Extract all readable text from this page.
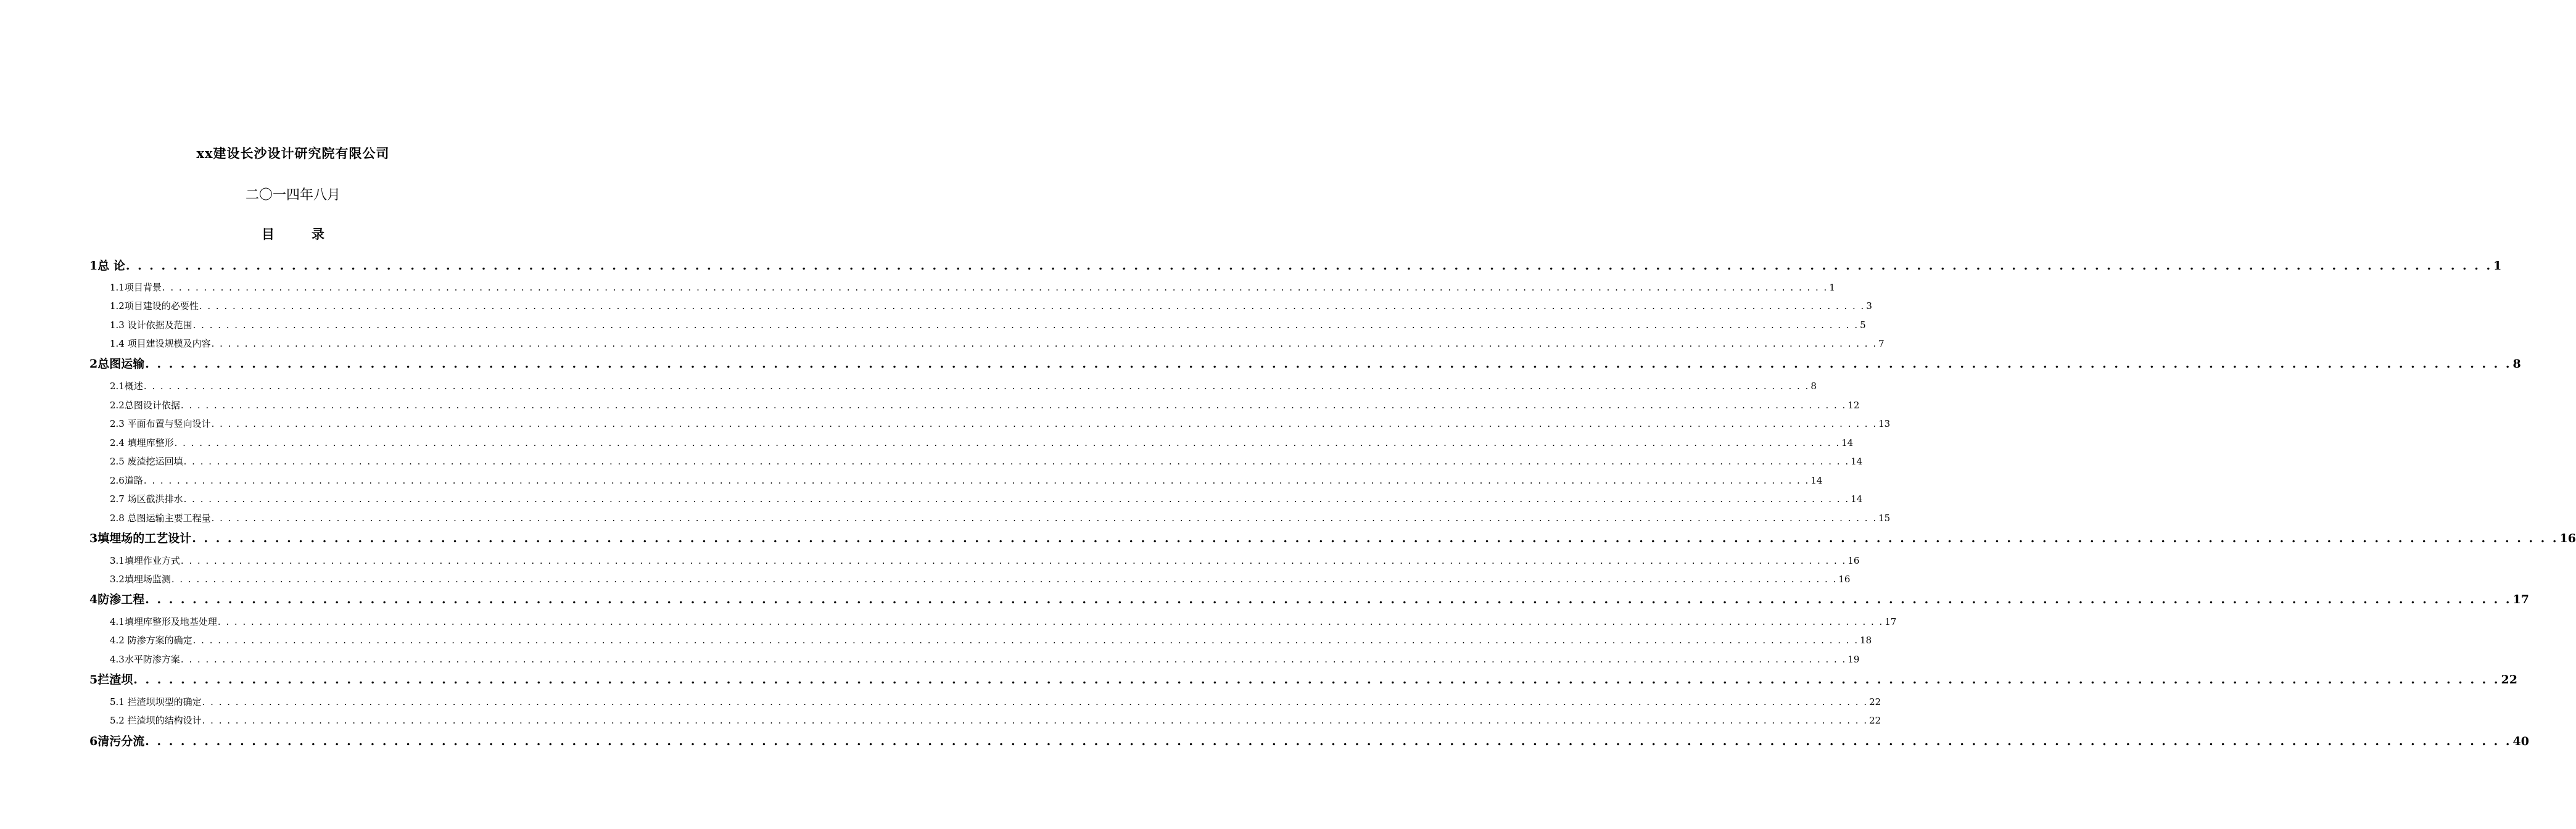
xx建设长沙设计研究院有限公司
二〇一四年八月
目	录
1总 论 . . . . . . . . . . . . . . . . . . . . . . . . . . . . . . . . . . . . . . . . . . . . . . . . . . . . . . . . . . . . . . . . . . . . . . . . . . . . . . . . . . . . . . . . . . . . . . . . . . . . . . . . . . . . . . . . . . . . . . . . . . . . . . . . . . . . . . . . . . . . . . . . . . . . . . . . . . . . . . . . . . . . . . . . . . . . . . . . . . . . . . . . . . . . . . . . . . . . . . . . 1
1.1项目背景 . . . . . . . . . . . . . . . . . . . . . . . . . . . . . . . . . . . . . . . . . . . . . . . . . . . . . . . . . . . . . . . . . . . . . . . . . . . . . . . . . . . . . . . . . . . . . . . . . . . . . . . . . . . . . . . . . . . . . . . . . . . . . . . . . . . . . . . . . . . . . . . . . . . . . . . . . . . . . . . . . . . . . . . . . . . . . . . . . . . . . . . . . . . . . . . . . . . . . . . . 1
1.2项目建设的必要性 . . . . . . . . . . . . . . . . . . . . . . . . . . . . . . . . . . . . . . . . . . . . . . . . . . . . . . . . . . . . . . . . . . . . . . . . . . . . . . . . . . . . . . . . . . . . . . . . . . . . . . . . . . . . . . . . . . . . . . . . . . . . . . . . . . . . . . . . . . . . . . . . . . . . . . . . . . . . . . . . . . . . . . . . . . . . . . . . . . . . . . . . . . . . . . . . . . . . . . . . 3
1.3 设计依据及范围 . . . . . . . . . . . . . . . . . . . . . . . . . . . . . . . . . . . . . . . . . . . . . . . . . . . . . . . . . . . . . . . . . . . . . . . . . . . . . . . . . . . . . . . . . . . . . . . . . . . . . . . . . . . . . . . . . . . . . . . . . . . . . . . . . . . . . . . . . . . . . . . . . . . . . . . . . . . . . . . . . . . . . . . . . . . . . . . . . . . . . . . . . . . . . . . . . . . . . . . . 5
1.4 项目建设规模及内容 . . . . . . . . . . . . . . . . . . . . . . . . . . . . . . . . . . . . . . . . . . . . . . . . . . . . . . . . . . . . . . . . . . . . . . . . . . . . . . . . . . . . . . . . . . . . . . . . . . . . . . . . . . . . . . . . . . . . . . . . . . . . . . . . . . . . . . . . . . . . . . . . . . . . . . . . . . . . . . . . . . . . . . . . . . . . . . . . . . . . . . . . . . . . . . . . . . . . . . . . 7
2总图运输 . . . . . . . . . . . . . . . . . . . . . . . . . . . . . . . . . . . . . . . . . . . . . . . . . . . . . . . . . . . . . . . . . . . . . . . . . . . . . . . . . . . . . . . . . . . . . . . . . . . . . . . . . . . . . . . . . . . . . . . . . . . . . . . . . . . . . . . . . . . . . . . . . . . . . . . . . . . . . . . . . . . . . . . . . . . . . . . . . . . . . . . . . . . . . . . . . . . . . . . . 8
2.1概述 . . . . . . . . . . . . . . . . . . . . . . . . . . . . . . . . . . . . . . . . . . . . . . . . . . . . . . . . . . . . . . . . . . . . . . . . . . . . . . . . . . . . . . . . . . . . . . . . . . . . . . . . . . . . . . . . . . . . . . . . . . . . . . . . . . . . . . . . . . . . . . . . . . . . . . . . . . . . . . . . . . . . . . . . . . . . . . . . . . . . . . . . . . . . . . . . . . . . . . . . 8
2.2总图设计依据 . . . . . . . . . . . . . . . . . . . . . . . . . . . . . . . . . . . . . . . . . . . . . . . . . . . . . . . . . . . . . . . . . . . . . . . . . . . . . . . . . . . . . . . . . . . . . . . . . . . . . . . . . . . . . . . . . . . . . . . . . . . . . . . . . . . . . . . . . . . . . . . . . . . . . . . . . . . . . . . . . . . . . . . . . . . . . . . . . . . . . . . . . . . . . . . . . . . . . . . . 12
2.3 平面布置与竖向设计 . . . . . . . . . . . . . . . . . . . . . . . . . . . . . . . . . . . . . . . . . . . . . . . . . . . . . . . . . . . . . . . . . . . . . . . . . . . . . . . . . . . . . . . . . . . . . . . . . . . . . . . . . . . . . . . . . . . . . . . . . . . . . . . . . . . . . . . . . . . . . . . . . . . . . . . . . . . . . . . . . . . . . . . . . . . . . . . . . . . . . . . . . . . . . . . . . . . . . . . . 13
2.4 填埋库整形 . . . . . . . . . . . . . . . . . . . . . . . . . . . . . . . . . . . . . . . . . . . . . . . . . . . . . . . . . . . . . . . . . . . . . . . . . . . . . . . . . . . . . . . . . . . . . . . . . . . . . . . . . . . . . . . . . . . . . . . . . . . . . . . . . . . . . . . . . . . . . . . . . . . . . . . . . . . . . . . . . . . . . . . . . . . . . . . . . . . . . . . . . . . . . . . . . . . . . . . . 14
2.5 废渣挖运回填 . . . . . . . . . . . . . . . . . . . . . . . . . . . . . . . . . . . . . . . . . . . . . . . . . . . . . . . . . . . . . . . . . . . . . . . . . . . . . . . . . . . . . . . . . . . . . . . . . . . . . . . . . . . . . . . . . . . . . . . . . . . . . . . . . . . . . . . . . . . . . . . . . . . . . . . . . . . . . . . . . . . . . . . . . . . . . . . . . . . . . . . . . . . . . . . . . . . . . . . . 14
2.6道路 . . . . . . . . . . . . . . . . . . . . . . . . . . . . . . . . . . . . . . . . . . . . . . . . . . . . . . . . . . . . . . . . . . . . . . . . . . . . . . . . . . . . . . . . . . . . . . . . . . . . . . . . . . . . . . . . . . . . . . . . . . . . . . . . . . . . . . . . . . . . . . . . . . . . . . . . . . . . . . . . . . . . . . . . . . . . . . . . . . . . . . . . . . . . . . . . . . . . . . . . 14
2.7 场区截洪排水 . . . . . . . . . . . . . . . . . . . . . . . . . . . . . . . . . . . . . . . . . . . . . . . . . . . . . . . . . . . . . . . . . . . . . . . . . . . . . . . . . . . . . . . . . . . . . . . . . . . . . . . . . . . . . . . . . . . . . . . . . . . . . . . . . . . . . . . . . . . . . . . . . . . . . . . . . . . . . . . . . . . . . . . . . . . . . . . . . . . . . . . . . . . . . . . . . . . . . . . . 14
2.8 总图运输主要工程量 . . . . . . . . . . . . . . . . . . . . . . . . . . . . . . . . . . . . . . . . . . . . . . . . . . . . . . . . . . . . . . . . . . . . . . . . . . . . . . . . . . . . . . . . . . . . . . . . . . . . . . . . . . . . . . . . . . . . . . . . . . . . . . . . . . . . . . . . . . . . . . . . . . . . . . . . . . . . . . . . . . . . . . . . . . . . . . . . . . . . . . . . . . . . . . . . . . . . . . . . 15
3填埋场的工艺设计 . . . . . . . . . . . . . . . . . . . . . . . . . . . . . . . . . . . . . . . . . . . . . . . . . . . . . . . . . . . . . . . . . . . . . . . . . . . . . . . . . . . . . . . . . . . . . . . . . . . . . . . . . . . . . . . . . . . . . . . . . . . . . . . . . . . . . . . . . . . . . . . . . . . . . . . . . . . . . . . . . . . . . . . . . . . . . . . . . . . . . . . . . . . . . . . . . . . . . . . . 16
3.1填埋作业方式 . . . . . . . . . . . . . . . . . . . . . . . . . . . . . . . . . . . . . . . . . . . . . . . . . . . . . . . . . . . . . . . . . . . . . . . . . . . . . . . . . . . . . . . . . . . . . . . . . . . . . . . . . . . . . . . . . . . . . . . . . . . . . . . . . . . . . . . . . . . . . . . . . . . . . . . . . . . . . . . . . . . . . . . . . . . . . . . . . . . . . . . . . . . . . . . . . . . . . . . . 16
3.2填埋场监测 . . . . . . . . . . . . . . . . . . . . . . . . . . . . . . . . . . . . . . . . . . . . . . . . . . . . . . . . . . . . . . . . . . . . . . . . . . . . . . . . . . . . . . . . . . . . . . . . . . . . . . . . . . . . . . . . . . . . . . . . . . . . . . . . . . . . . . . . . . . . . . . . . . . . . . . . . . . . . . . . . . . . . . . . . . . . . . . . . . . . . . . . . . . . . . . . . . . . . . . . 16
4防渗工程 . . . . . . . . . . . . . . . . . . . . . . . . . . . . . . . . . . . . . . . . . . . . . . . . . . . . . . . . . . . . . . . . . . . . . . . . . . . . . . . . . . . . . . . . . . . . . . . . . . . . . . . . . . . . . . . . . . . . . . . . . . . . . . . . . . . . . . . . . . . . . . . . . . . . . . . . . . . . . . . . . . . . . . . . . . . . . . . . . . . . . . . . . . . . . . . . . . . . . . . . 17
4.1填埋库整形及地基处理 . . . . . . . . . . . . . . . . . . . . . . . . . . . . . . . . . . . . . . . . . . . . . . . . . . . . . . . . . . . . . . . . . . . . . . . . . . . . . . . . . . . . . . . . . . . . . . . . . . . . . . . . . . . . . . . . . . . . . . . . . . . . . . . . . . . . . . . . . . . . . . . . . . . . . . . . . . . . . . . . . . . . . . . . . . . . . . . . . . . . . . . . . . . . . . . . . . . . . . . . 17
4.2 防渗方案的确定 . . . . . . . . . . . . . . . . . . . . . . . . . . . . . . . . . . . . . . . . . . . . . . . . . . . . . . . . . . . . . . . . . . . . . . . . . . . . . . . . . . . . . . . . . . . . . . . . . . . . . . . . . . . . . . . . . . . . . . . . . . . . . . . . . . . . . . . . . . . . . . . . . . . . . . . . . . . . . . . . . . . . . . . . . . . . . . . . . . . . . . . . . . . . . . . . . . . . . . . . 18
4.3水平防渗方案 . . . . . . . . . . . . . . . . . . . . . . . . . . . . . . . . . . . . . . . . . . . . . . . . . . . . . . . . . . . . . . . . . . . . . . . . . . . . . . . . . . . . . . . . . . . . . . . . . . . . . . . . . . . . . . . . . . . . . . . . . . . . . . . . . . . . . . . . . . . . . . . . . . . . . . . . . . . . . . . . . . . . . . . . . . . . . . . . . . . . . . . . . . . . . . . . . . . . . . . . 19
5拦渣坝 . . . . . . . . . . . . . . . . . . . . . . . . . . . . . . . . . . . . . . . . . . . . . . . . . . . . . . . . . . . . . . . . . . . . . . . . . . . . . . . . . . . . . . . . . . . . . . . . . . . . . . . . . . . . . . . . . . . . . . . . . . . . . . . . . . . . . . . . . . . . . . . . . . . . . . . . . . . . . . . . . . . . . . . . . . . . . . . . . . . . . . . . . . . . . . . . . . . . . . . . 22
5.1 拦渣坝坝型的确定 . . . . . . . . . . . . . . . . . . . . . . . . . . . . . . . . . . . . . . . . . . . . . . . . . . . . . . . . . . . . . . . . . . . . . . . . . . . . . . . . . . . . . . . . . . . . . . . . . . . . . . . . . . . . . . . . . . . . . . . . . . . . . . . . . . . . . . . . . . . . . . . . . . . . . . . . . . . . . . . . . . . . . . . . . . . . . . . . . . . . . . . . . . . . . . . . . . . . . . . . 22
5.2 拦渣坝的结构设计 . . . . . . . . . . . . . . . . . . . . . . . . . . . . . . . . . . . . . . . . . . . . . . . . . . . . . . . . . . . . . . . . . . . . . . . . . . . . . . . . . . . . . . . . . . . . . . . . . . . . . . . . . . . . . . . . . . . . . . . . . . . . . . . . . . . . . . . . . . . . . . . . . . . . . . . . . . . . . . . . . . . . . . . . . . . . . . . . . . . . . . . . . . . . . . . . . . . . . . . . 22
6清污分流 . . . . . . . . . . . . . . . . . . . . . . . . . . . . . . . . . . . . . . . . . . . . . . . . . . . . . . . . . . . . . . . . . . . . . . . . . . . . . . . . . . . . . . . . . . . . . . . . . . . . . . . . . . . . . . . . . . . . . . . . . . . . . . . . . . . . . . . . . . . . . . . . . . . . . . . . . . . . . . . . . . . . . . . . . . . . . . . . . . . . . . . . . . . . . . . . . . . . . . . . 40
